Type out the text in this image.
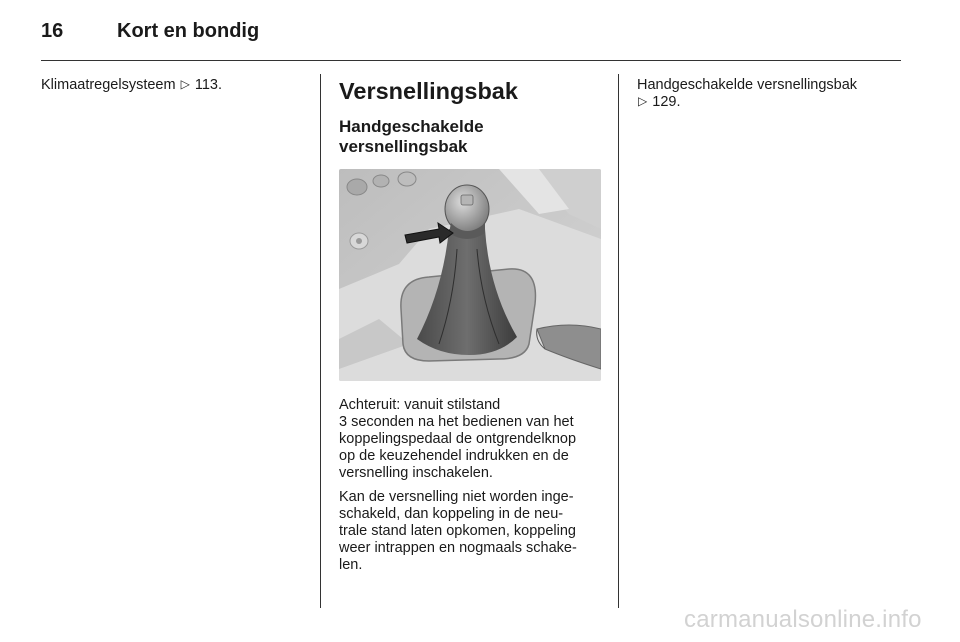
16	Kort en bondig

Klimaatregelsysteem ▷ 113.	Versnellingsbak
Handgeschakelde
versnellingsbak
Achteruit: vanuit stilstand
3 seconden na het bedienen van het
koppelingspedaal de ontgrendelknop
op de keuzehendel indrukken en de
versnelling inschakelen.
Kan de versnelling niet worden inge-
schakeld, dan koppeling in de neu-
trale stand laten opkomen, koppeling
weer intrappen en nogmaals schake-
len.

Handgeschakelde versnellingsbak
▷ 129.

carmanualsonline.info
